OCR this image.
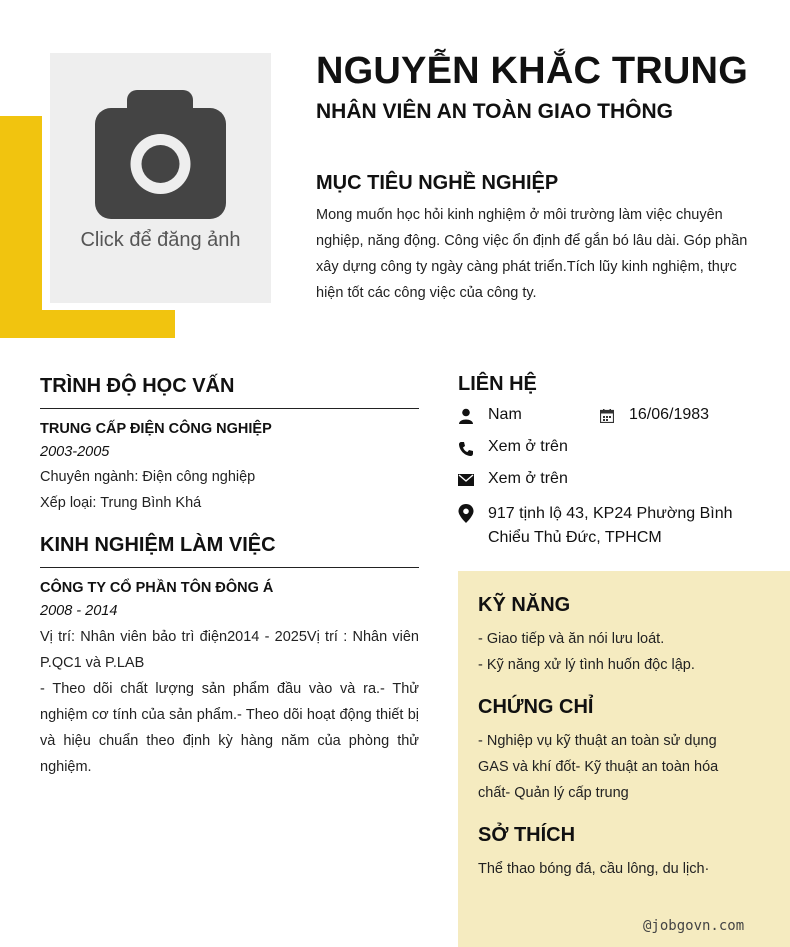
Click để đăng ảnh
NGUYỄN KHẮC TRUNG
NHÂN VIÊN AN TOÀN GIAO THÔNG
MỤC TIÊU NGHỀ NGHIỆP
Mong muốn học hỏi kinh nghiệm ở môi trường làm việc chuyên nghiệp, năng động. Công việc ổn định để gắn bó lâu dài. Góp phần xây dựng công ty ngày càng phát triển.Tích lũy kinh nghiệm, thực hiện tốt các công việc của công ty.
TRÌNH ĐỘ HỌC VẤN
TRUNG CẤP ĐIỆN CÔNG NGHIỆP
2003-2005
Chuyên ngành: Điện công nghiệp
Xếp loại: Trung Bình Khá
KINH NGHIỆM LÀM VIỆC
CÔNG TY CỔ PHẦN TÔN ĐÔNG Á
2008 - 2014
Vị trí: Nhân viên bảo trì điện2014 - 2025Vị trí : Nhân viên P.QC1 và P.LAB
- Theo dõi chất lượng sản phẩm đầu vào và ra.- Thử nghiệm cơ tính của sản phẩm.- Theo dõi hoạt động thiết bị và hiệu chuẩn theo định kỳ hàng năm của phòng thử nghiệm.
LIÊN HỆ
Nam	16/06/1983
Xem ở trên
Xem ở trên
917 tịnh lộ 43, KP24 Phường Bình Chiểu Thủ Đức, TPHCM
KỸ NĂNG
- Giao tiếp và ăn nói lưu loát.
- Kỹ năng xử lý tình huốn độc lập.
CHỨNG CHỈ
- Nghiệp vụ kỹ thuật an toàn sử dụng GAS và khí đốt- Kỹ thuật an toàn hóa chất- Quản lý cấp trung
SỞ THÍCH
Thể thao bóng đá, cầu lông, du lịch·
@jobgovn.com
